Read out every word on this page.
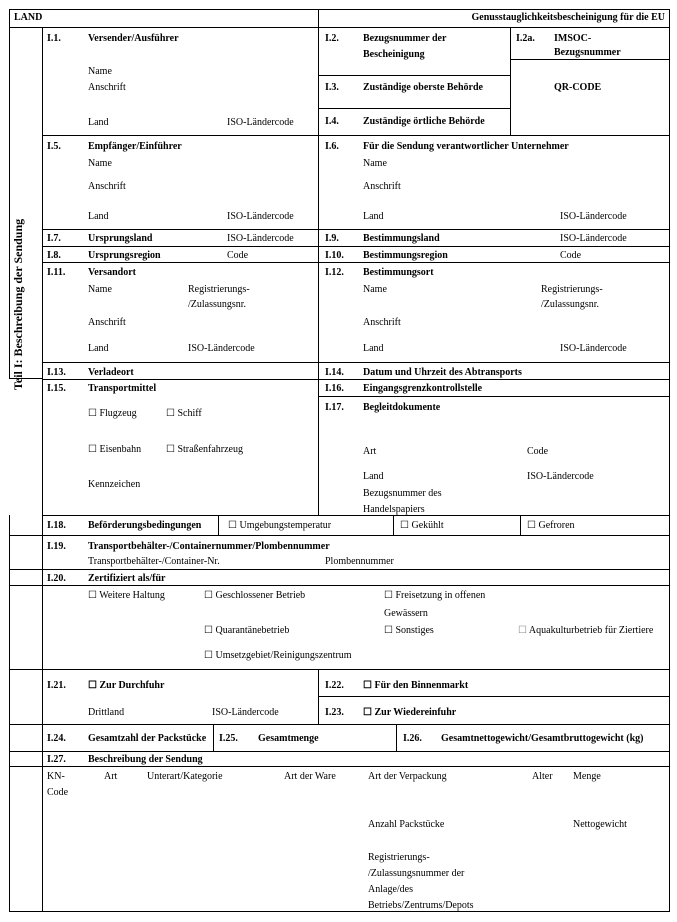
LAND	Genusstauglichkeitsbescheinigung für die EU
Teil I: Beschreibung der Sendung
I.1.	Versender/Ausführer
Name
Anschrift
Land	ISO-Ländercode
I.2. Bezugsnummer der
Bescheinigung
I.2a. IMSOC-
Bezugsnummer
QR-CODE
I.3. Zuständige oberste Behörde
I.4. Zuständige örtliche Behörde
I.5.	Empfänger/Einführer
Name
Anschrift
Land	ISO-Ländercode
I.6. Für die Sendung verantwortlicher Unternehmer
Name
Anschrift
Land	ISO-Ländercode
I.7.	Ursprungsland	ISO-Ländercode	I.9. Bestimmungsland	ISO-Ländercode
I.8.	Ursprungsregion	Code	I.10. Bestimmungsregion	Code
I.11. Versandort
Name	Registrierungs-
/Zulassungsnr.
Anschrift
Land	ISO-Ländercode
I.12. Bestimmungsort
Name	Registrierungs-
/Zulassungsnr.
Anschrift
Land	ISO-Ländercode
I.13. Verladeort	I.14. Datum und Uhrzeit des Abtransports
I.15. Transportmittel
☐ Flugzeug	☐ Schiff
☐ Eisenbahn ☐ Straßenfahrzeug
Kennzeichen
I.16. Eingangsgrenzkontrollstelle
I.17. Begleitdokumente
Art	Code
Land	ISO-Ländercode
Bezugsnummer des
Handelspapiers
I.18. Beförderungsbedingungen	☐ Umgebungstemperatur	☐ Gekühlt	☐ Gefroren
I.19. Transportbehälter-/Containernummer/Plombennummer
Transportbehälter-/Container-Nr.	Plombennummer
I.20. Zertifiziert als/für
☐ Weitere Haltung	☐ Geschlossener Betrieb	☐ Freisetzung in offenen
Gewässern
☐ Quarantänebetrieb	☐ Sonstiges	☐ Aquakulturbetrieb für Ziertiere
☐ Umsetzgebiet/Reinigungszentrum
I.21. ☐ Zur Durchfuhr
Drittland	ISO-Ländercode
I.22. ☐ Für den Binnenmarkt
I.23. ☐ Zur Wiedereinfuhr
I.24. Gesamtzahl der Packstücke I.25. Gesamtmenge	I.26. Gesamtnettogewicht/Gesamtbruttogewicht (kg)
I.27. Beschreibung der Sendung
KN-
Code
Art	Unterart/Kategorie	Art der Ware	Art der Verpackung	Alter Menge
Anzahl Packstücke	Nettogewicht
Registrierungs-
/Zulassungsnummer der
Anlage/des
Betriebs/Zentrums/Depots
